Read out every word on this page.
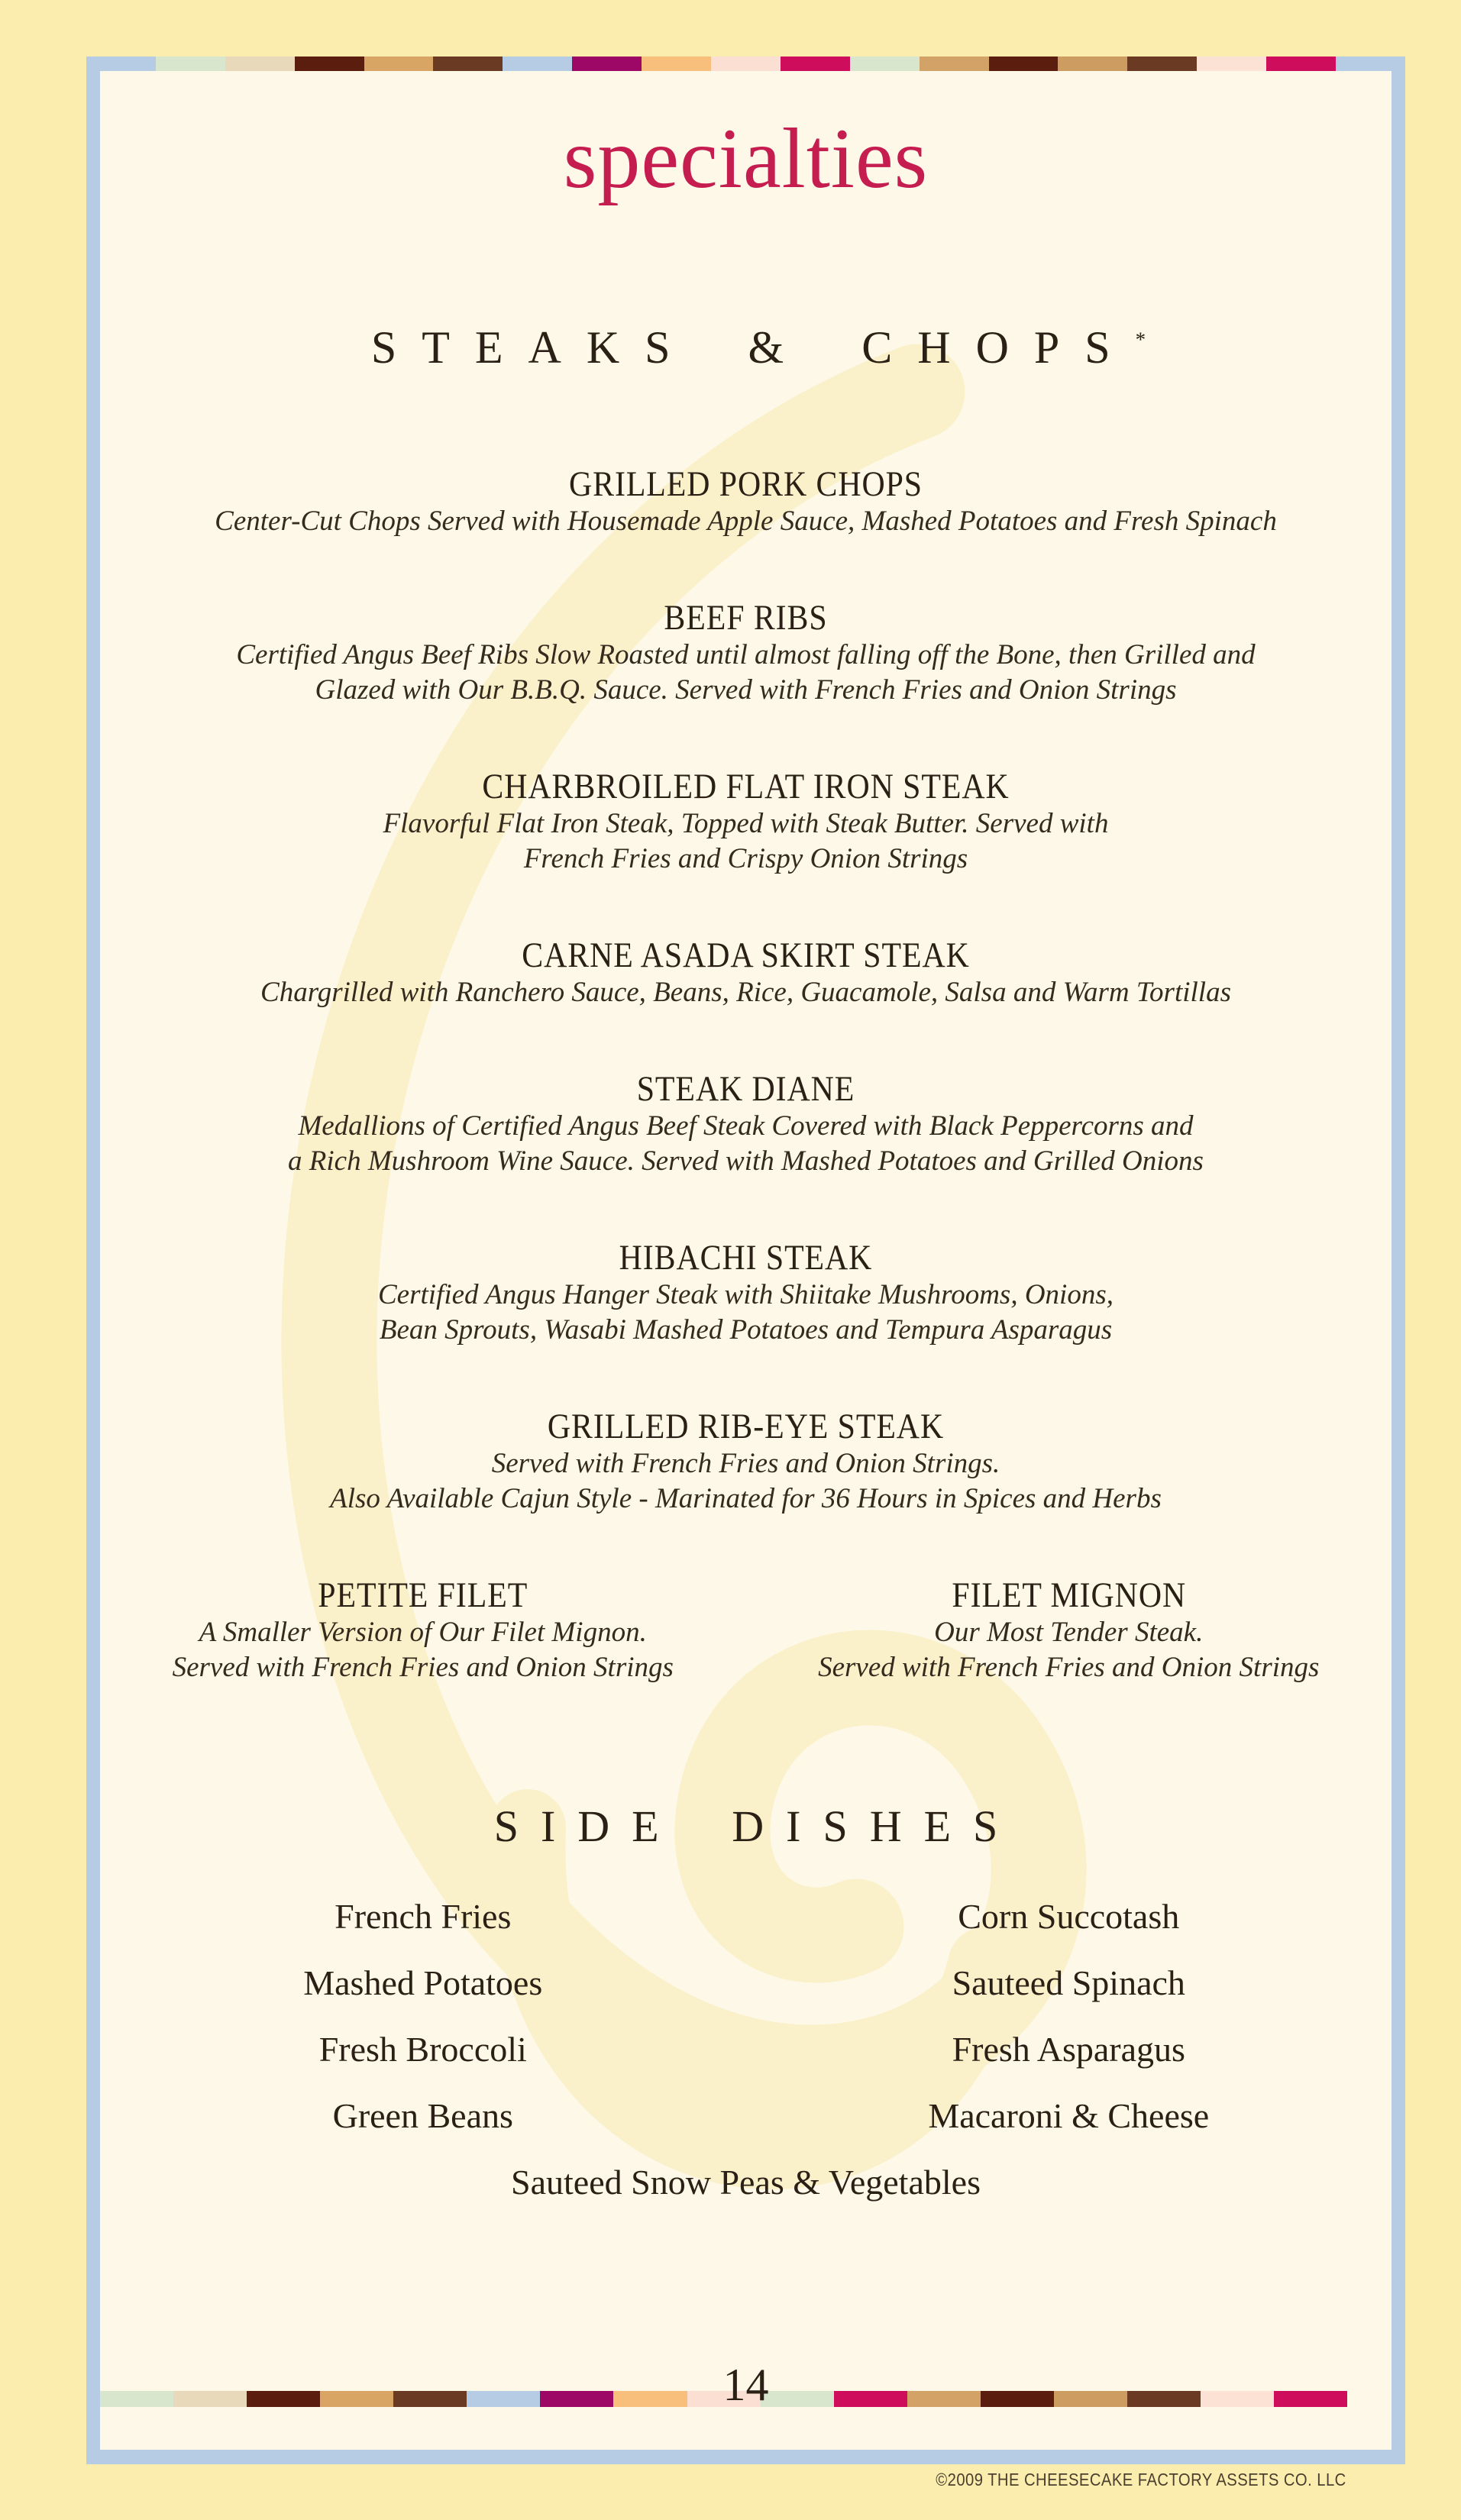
specialties
STEAKS & CHOPS*
GRILLED PORK CHOPS
Center-Cut Chops Served with Housemade Apple Sauce, Mashed Potatoes and Fresh Spinach
BEEF RIBS
Certified Angus Beef Ribs Slow Roasted until almost falling off the Bone, then Grilled and
Glazed with Our B.B.Q. Sauce. Served with French Fries and Onion Strings
CHARBROILED FLAT IRON STEAK
Flavorful Flat Iron Steak, Topped with Steak Butter. Served with
French Fries and Crispy Onion Strings
CARNE ASADA SKIRT STEAK
Chargrilled with Ranchero Sauce, Beans, Rice, Guacamole, Salsa and Warm Tortillas
STEAK DIANE
Medallions of Certified Angus Beef Steak Covered with Black Peppercorns and
a Rich Mushroom Wine Sauce. Served with Mashed Potatoes and Grilled Onions
HIBACHI STEAK
Certified Angus Hanger Steak with Shiitake Mushrooms, Onions,
Bean Sprouts, Wasabi Mashed Potatoes and Tempura Asparagus
GRILLED RIB-EYE STEAK
Served with French Fries and Onion Strings.
Also Available Cajun Style - Marinated for 36 Hours in Spices and Herbs
PETITE FILET
A Smaller Version of Our Filet Mignon.
Served with French Fries and Onion Strings
FILET MIGNON
Our Most Tender Steak.
Served with French Fries and Onion Strings
SIDE DISHES
French Fries	Corn Succotash
Mashed Potatoes	Sauteed Spinach
Fresh Broccoli	Fresh Asparagus
Green Beans	Macaroni & Cheese
Sauteed Snow Peas & Vegetables
14
©2009 THE CHEESECAKE FACTORY ASSETS CO. LLC
